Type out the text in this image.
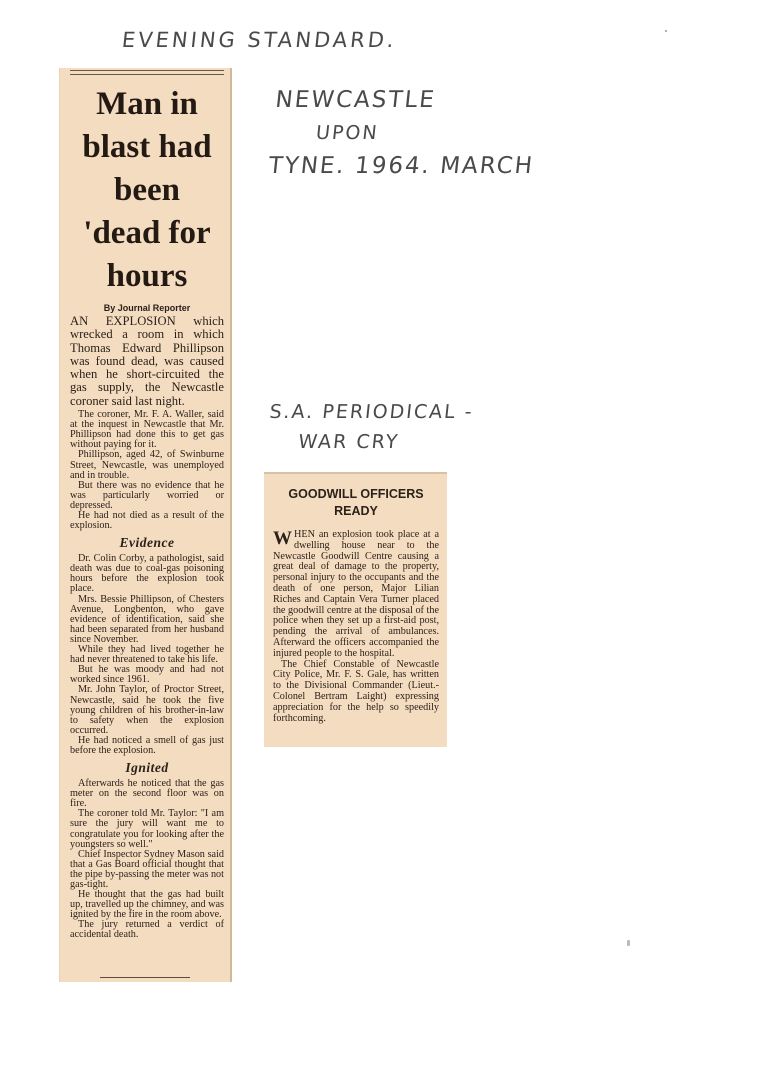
EVENING STANDARD.
NEWCASTLE
UPON
TYNE. 1964. MARCH
S.A. PERIODICAL -
WAR CRY
Man in
blast had
been
'dead for
hours
By Journal Reporter

AN EXPLOSION which wrecked a room in which Thomas Edward Phillipson was found dead, was caused when he short-circuited the gas supply, the Newcastle coroner said last night.

The coroner, Mr. F. A. Waller, said at the inquest in Newcastle that Mr. Phillipson had done this to get gas without paying for it.

Phillipson, aged 42, of Swinburne Street, Newcastle, was unemployed and in trouble.

But there was no evidence that he was particularly worried or depressed.

He had not died as a result of the explosion.

Evidence

Dr. Colin Corby, a pathologist, said death was due to coal-gas poisoning hours before the explosion took place.

Mrs. Bessie Phillipson, of Chesters Avenue, Longbenton, who gave evidence of identification, said she had been separated from her husband since November.

While they had lived together he had never threatened to take his life.

But he was moody and had not worked since 1961.

Mr. John Taylor, of Proctor Street, Newcastle, said he took the five young children of his brother-in-law to safety when the explosion occurred.

He had noticed a smell of gas just before the explosion.

Ignited

Afterwards he noticed that the gas meter on the second floor was on fire.

The coroner told Mr. Taylor: "I am sure the jury will want me to congratulate you for looking after the youngsters so well."

Chief Inspector Sydney Mason said that a Gas Board official thought that the pipe by-passing the meter was not gas-tight.

He thought that the gas had built up, travelled up the chimney, and was ignited by the fire in the room above.

The jury returned a verdict of accidental death.

GOODWILL OFFICERS
READY

WHEN an explosion took place at a dwelling house near to the Newcastle Goodwill Centre causing a great deal of damage to the property, personal injury to the occupants and the death of one person, Major Lilian Riches and Captain Vera Turner placed the goodwill centre at the disposal of the police when they set up a first-aid post, pending the arrival of ambulances. Afterward the officers accompanied the injured people to the hospital.

The Chief Constable of Newcastle City Police, Mr. F. S. Gale, has written to the Divisional Commander (Lieut.-Colonel Bertram Laight) expressing appreciation for the help so speedily forthcoming.
